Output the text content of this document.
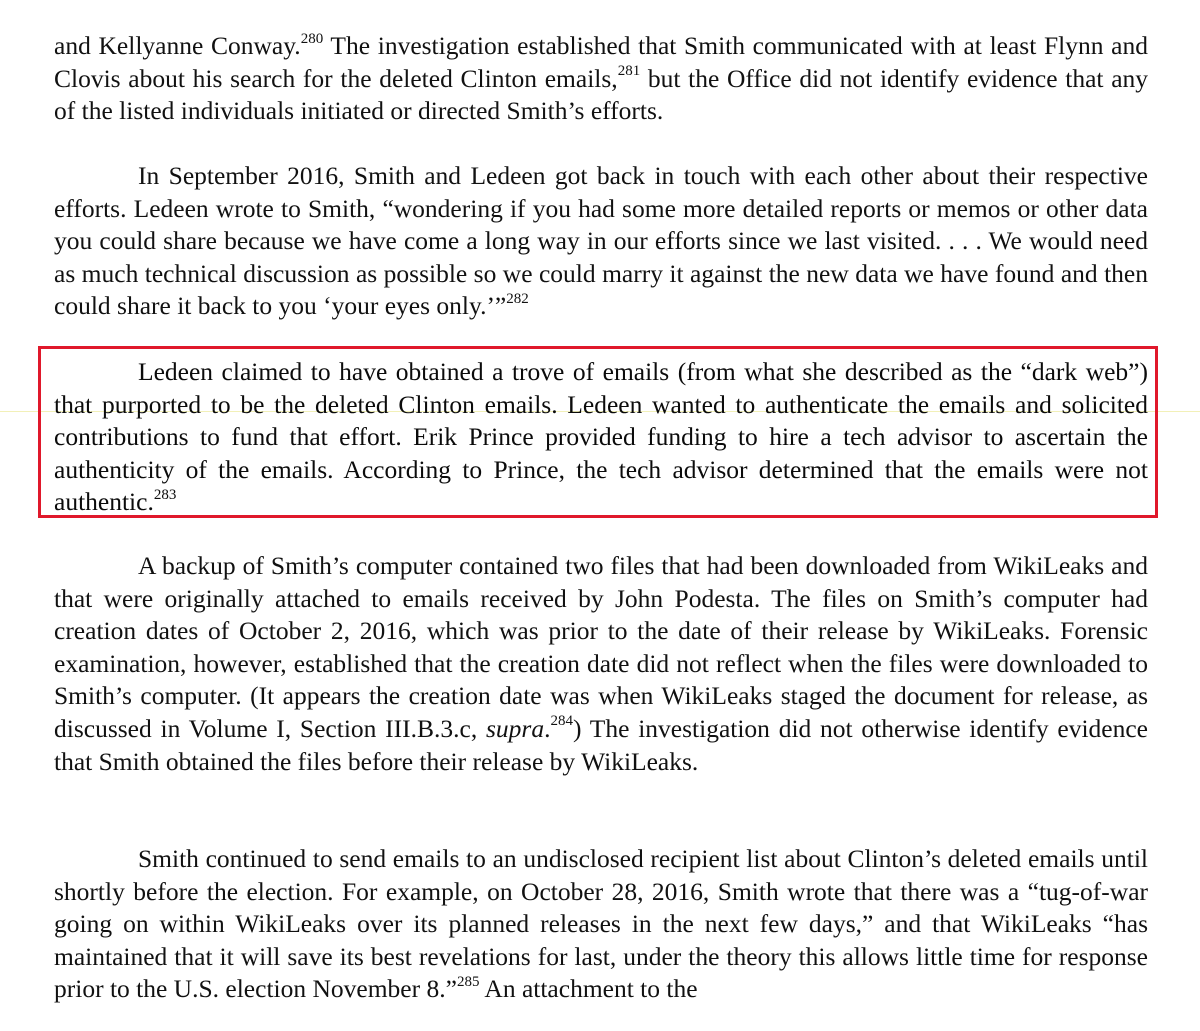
and Kellyanne Conway.$^{280}$ The investigation established that Smith communicated with at least Flynn and Clovis about his search for the deleted Clinton emails,$^{281}$ but the Office did not identify evidence that any of the listed individuals initiated or directed Smith’s efforts.

In September 2016, Smith and Ledeen got back in touch with each other about their respective efforts. Ledeen wrote to Smith, “wondering if you had some more detailed reports or memos or other data you could share because we have come a long way in our efforts since we last visited. . . . We would need as much technical discussion as possible so we could marry it against the new data we have found and then could share it back to you ‘your eyes only.’”$^{282}$

Ledeen claimed to have obtained a trove of emails (from what she described as the “dark web”) that purported to be the deleted Clinton emails. Ledeen wanted to authenticate the emails and solicited contributions to fund that effort. Erik Prince provided funding to hire a tech advisor to ascertain the authenticity of the emails. According to Prince, the tech advisor determined that the emails were not authentic.$^{283}$

A backup of Smith’s computer contained two files that had been downloaded from WikiLeaks and that were originally attached to emails received by John Podesta. The files on Smith’s computer had creation dates of October 2, 2016, which was prior to the date of their release by WikiLeaks. Forensic examination, however, established that the creation date did not reflect when the files were downloaded to Smith’s computer. (It appears the creation date was when WikiLeaks staged the document for release, as discussed in Volume I, Section III.B.3.c, supra.$^{284}$) The investigation did not otherwise identify evidence that Smith obtained the files before their release by WikiLeaks.

Smith continued to send emails to an undisclosed recipient list about Clinton’s deleted emails until shortly before the election. For example, on October 28, 2016, Smith wrote that there was a “tug-of-war going on within WikiLeaks over its planned releases in the next few days,” and that WikiLeaks “has maintained that it will save its best revelations for last, under the theory this allows little time for response prior to the U.S. election November 8.”$^{285}$ An attachment to the
